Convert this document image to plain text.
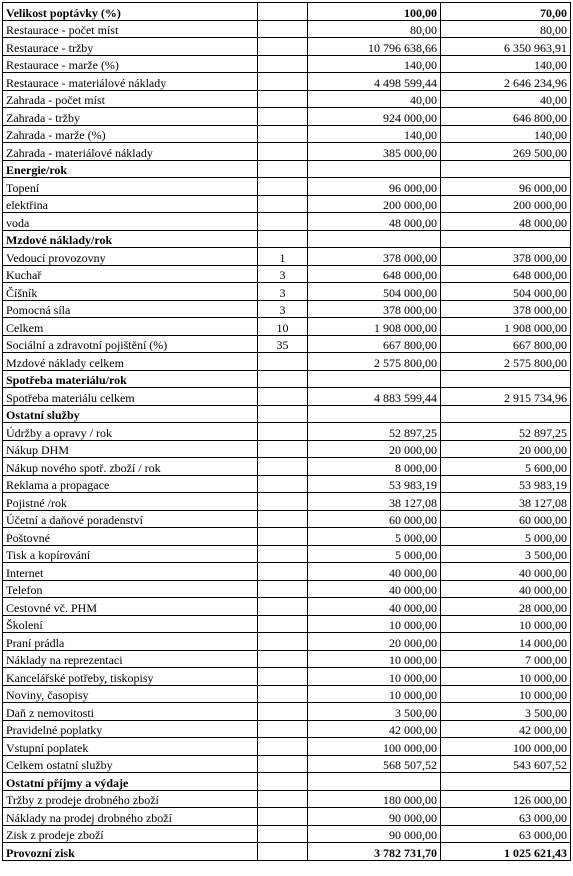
Velikost poptávky (%)		100,00	70,00
Restaurace - počet míst		80,00	80,00
Restaurace - tržby		10 796 638,66	6 350 963,91
Restaurace - marže (%)		140,00	140,00
Restaurace - materiálové náklady		4 498 599,44	2 646 234,96
Zahrada - počet míst		40,00	40,00
Zahrada - tržby		924 000,00	646 800,00
Zahrada - marže (%)		140,00	140,00
Zahrada - materiálové náklady		385 000,00	269 500,00
Energie/rok			
Topení		96 000,00	96 000,00
elektřina		200 000,00	200 000,00
voda		48 000,00	48 000,00
Mzdové náklady/rok			
Vedoucí provozovny	1	378 000,00	378 000,00
Kuchař	3	648 000,00	648 000,00
Číšník	3	504 000,00	504 000,00
Pomocná síla	3	378 000,00	378 000,00
Celkem	10	1 908 000,00	1 908 000,00
Sociální a zdravotní pojištění (%)	35	667 800,00	667 800,00
Mzdové náklady celkem		2 575 800,00	2 575 800,00
Spotřeba materiálu/rok			
Spotřeba materiálu celkem		4 883 599,44	2 915 734,96
Ostatní služby			
Údržby a opravy / rok		52 897,25	52 897,25
Nákup DHM		20 000,00	20 000,00
Nákup nového spotř. zboží / rok		8 000,00	5 600,00
Reklama a propagace		53 983,19	53 983,19
Pojistné /rok		38 127,08	38 127,08
Účetní a daňové poradenství		60 000,00	60 000,00
Poštovné		5 000,00	5 000,00
Tisk a kopírování		5 000,00	3 500,00
Internet		40 000,00	40 000,00
Telefon		40 000,00	40 000,00
Cestovné vč. PHM		40 000,00	28 000,00
Školení		10 000,00	10 000,00
Praní prádla		20 000,00	14 000,00
Náklady na reprezentaci		10 000,00	7 000,00
Kancelářské potřeby, tiskopisy		10 000,00	10 000,00
Noviny, časopisy		10 000,00	10 000,00
Daň z nemovitosti		3 500,00	3 500,00
Pravidelné poplatky		42 000,00	42 000,00
Vstupní poplatek		100 000,00	100 000,00
Celkem ostatní služby		568 507,52	543 607,52
Ostatní příjmy a výdaje			
Tržby z prodeje drobného zboží		180 000,00	126 000,00
Náklady na prodej drobného zboží		90 000,00	63 000,00
Zisk z prodeje zboží		90 000,00	63 000,00
Provozní zisk		3 782 731,70	1 025 621,43
